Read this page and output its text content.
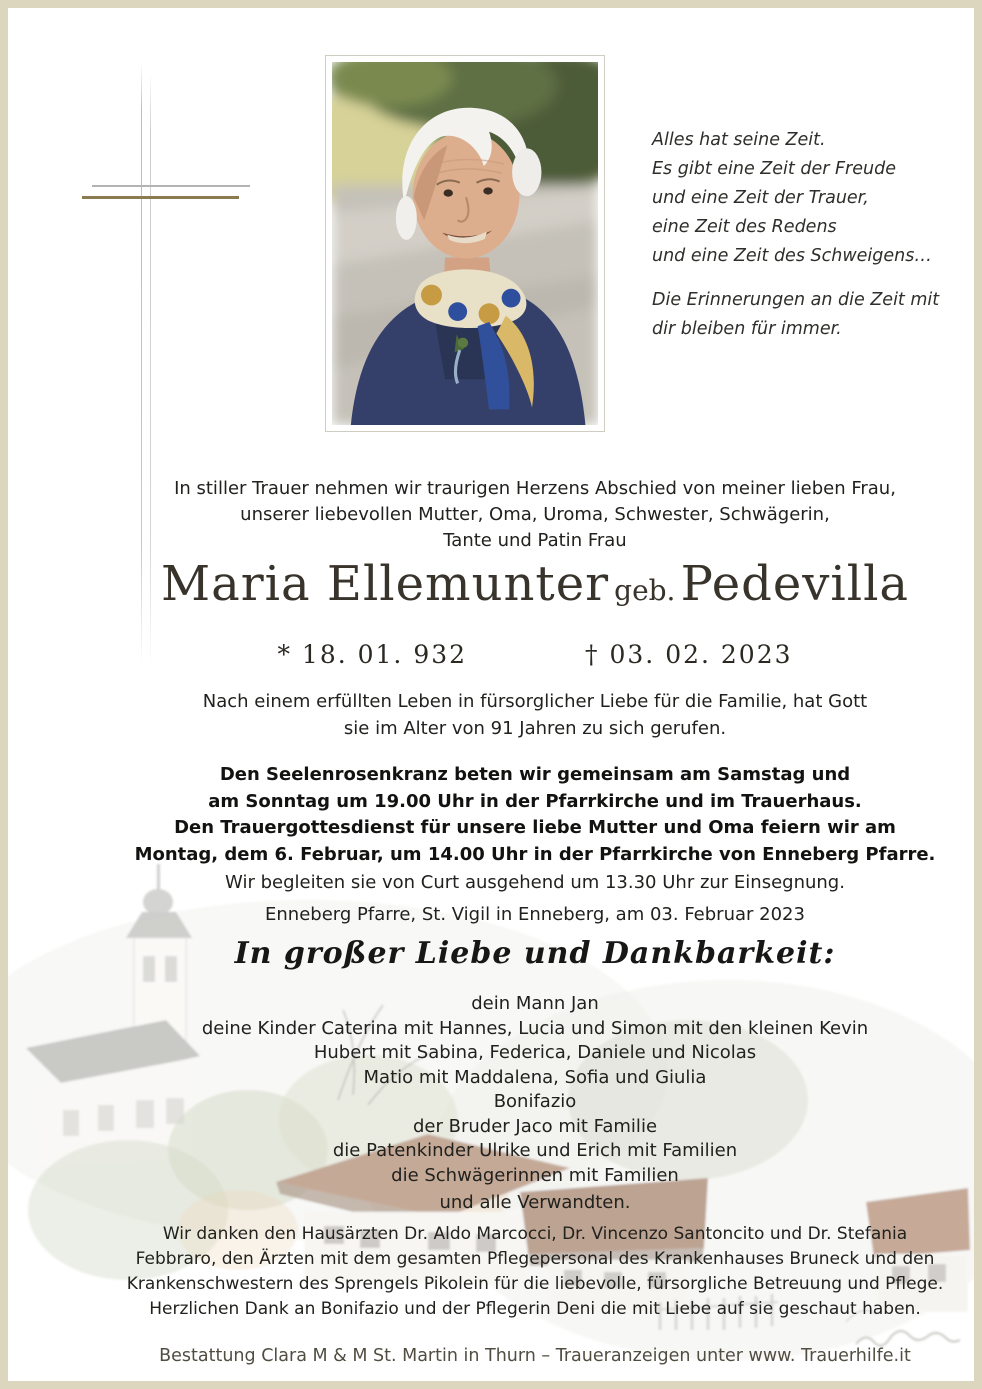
Alles hat seine Zeit.
Es gibt eine Zeit der Freude
und eine Zeit der Trauer,
eine Zeit des Redens
und eine Zeit des Schweigens…
Die Erinnerungen an die Zeit mit
dir bleiben für immer.
In stiller Trauer nehmen wir traurigen Herzens Abschied von meiner lieben Frau,
unserer liebevollen Mutter, Oma, Uroma, Schwester, Schwägerin,
Tante und Patin Frau
Maria Ellemunter geb. Pedevilla
* 18. 01. 932	† 03. 02. 2023
Nach einem erfüllten Leben in fürsorglicher Liebe für die Familie, hat Gott
sie im Alter von 91 Jahren zu sich gerufen.
Den Seelenrosenkranz beten wir gemeinsam am Samstag und
am Sonntag um 19.00 Uhr in der Pfarrkirche und im Trauerhaus.
Den Trauergottesdienst für unsere liebe Mutter und Oma feiern wir am
Montag, dem 6. Februar, um 14.00 Uhr in der Pfarrkirche von Enneberg Pfarre.
Wir begleiten sie von Curt ausgehend um 13.30 Uhr zur Einsegnung.
Enneberg Pfarre, St. Vigil in Enneberg, am 03. Februar 2023
In großer Liebe und Dankbarkeit:
dein Mann Jan
deine Kinder Caterina mit Hannes, Lucia und Simon mit den kleinen Kevin
Hubert mit Sabina, Federica, Daniele und Nicolas
Matio mit Maddalena, Sofia und Giulia
Bonifazio
der Bruder Jaco mit Familie
die Patenkinder Ulrike und Erich mit Familien
die Schwägerinnen mit Familien
und alle Verwandten.
Wir danken den Hausärzten Dr. Aldo Marcocci, Dr. Vincenzo Santoncito und Dr. Stefania
Febbraro, den Ärzten mit dem gesamten Pflegepersonal des Krankenhauses Bruneck und den
Krankenschwestern des Sprengels Pikolein für die liebevolle, fürsorgliche Betreuung und Pflege.
Herzlichen Dank an Bonifazio und der Pflegerin Deni die mit Liebe auf sie geschaut haben.
Bestattung Clara M & M St. Martin in Thurn – Traueranzeigen unter www. Trauerhilfe.it
